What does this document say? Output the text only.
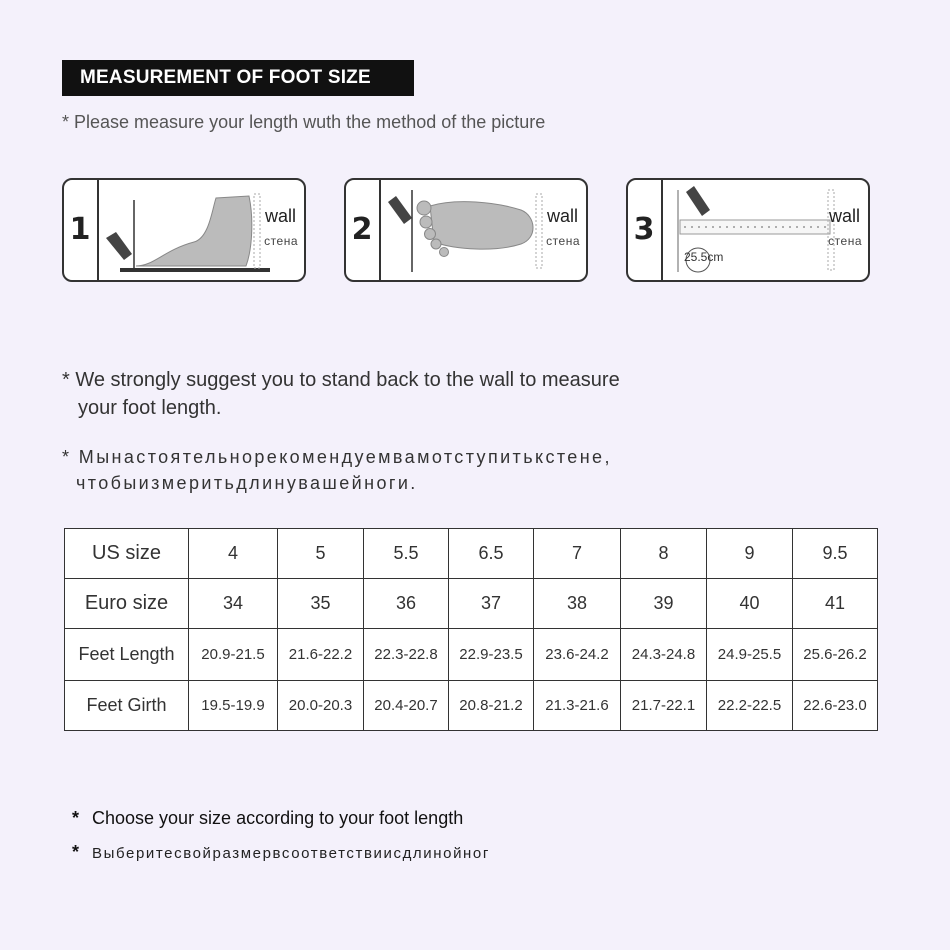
MEASUREMENT OF FOOT SIZE
* Please measure your length wuth the method of the picture
1	wall
стена 2	wall
стена 3
25.5cm
wall
стена
* We strongly suggest you to stand back to the wall to measure
your foot length.
* Мынастоятельнорекомендуемвамотступитькстене,
чтобыизмеритьдлинувашейноги.
US size	4	5	5.5	6.5	7	8	9	9.5
Euro size	34	35	36	37	38	39	40	41
Feet Length	20.9-21.5	21.6-22.2	22.3-22.8	22.9-23.5	23.6-24.2	24.3-24.8	24.9-25.5	25.6-26.2
Feet Girth	19.5-19.9	20.0-20.3	20.4-20.7	20.8-21.2	21.3-21.6	21.7-22.1	22.2-22.5	22.6-23.0
* Choose your size according to your foot length
* Выберитесвойразмервсоответствиисдлинойног
